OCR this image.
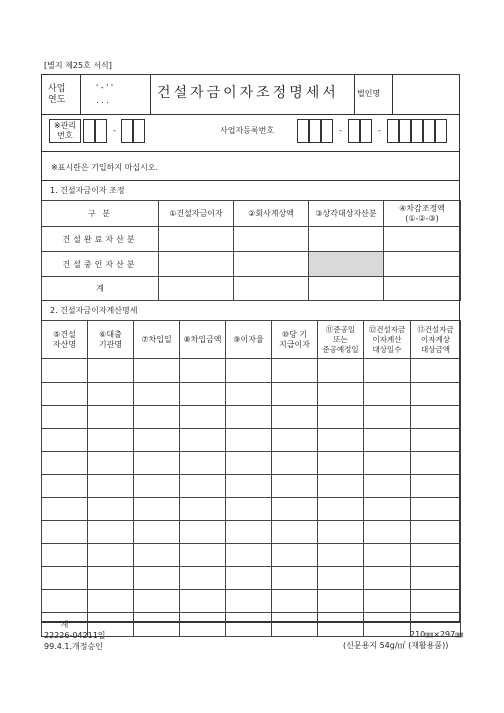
[별지 제25호 서식]
사업
연도
' - ' '
. . .	건설자금이자조정명세서 법인명
※관리
번호
-	사업자등록번호	-	-
※표시란은 기입하지 마십시오.
1. 건설자금이자 조정
구 분	①건설자금이자	②회사계상액	③상각대상자산분	④차감조정액
(①-②-③)
건설완료자산분				
건설중인자산분				
계				
2. 건설자금이자계산명세
⑤건설
자산명	⑥대출
기관명	⑦차입일	⑧차입금액	⑨이자율	⑩당 기
지급이자	⑪준공일
또는
준공예정일	⑫건설자금
이자계산
대상일수	⑬건설자금
이자계상
대상금액

계								
22226-04211일
99.4.1.개정승인
210㎜×297㎜
(신문용지 54g/㎡ (재활용품))
